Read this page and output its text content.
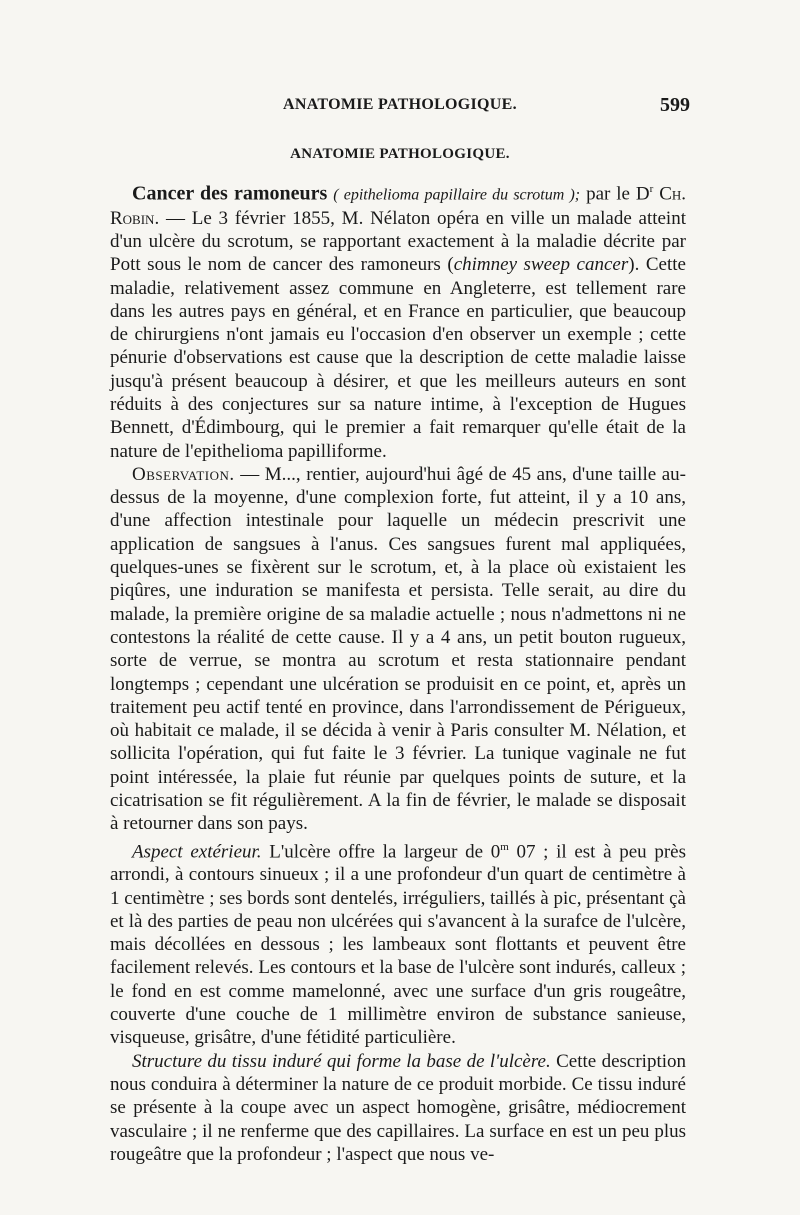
ANATOMIE PATHOLOGIQUE.	599
ANATOMIE PATHOLOGIQUE.

Cancer des ramoneurs ( epithelioma papillaire du scrotum ); par le $D^r$ Ch. Robin. — Le 3 février 1855, M. Nélaton opéra en ville un malade atteint d'un ulcère du scrotum, se rapportant exactement à la maladie décrite par Pott sous le nom de cancer des ramoneurs (chimney sweep cancer). Cette maladie, relativement assez commune en Angleterre, est tellement rare dans les autres pays en général, et en France en particulier, que beaucoup de chirurgiens n'ont jamais eu l'occasion d'en observer un exemple ; cette pénurie d'observations est cause que la description de cette maladie laisse jusqu'à présent beaucoup à désirer, et que les meilleurs auteurs en sont réduits à des conjectures sur sa nature intime, à l'exception de Hugues Bennett, d'Édimbourg, qui le premier a fait remarquer qu'elle était de la nature de l'epithelioma papilliforme.

Observation. — M..., rentier, aujourd'hui âgé de 45 ans, d'une taille au-dessus de la moyenne, d'une complexion forte, fut atteint, il y a 10 ans, d'une affection intestinale pour laquelle un médecin prescrivit une application de sangsues à l'anus. Ces sangsues furent mal appliquées, quelques-unes se fixèrent sur le scrotum, et, à la place où existaient les piqûres, une induration se manifesta et persista. Telle serait, au dire du malade, la première origine de sa maladie actuelle ; nous n'admettons ni ne contestons la réalité de cette cause. Il y a 4 ans, un petit bouton rugueux, sorte de verrue, se montra au scrotum et resta stationnaire pendant longtemps ; cependant une ulcération se produisit en ce point, et, après un traitement peu actif tenté en province, dans l'arrondissement de Périgueux, où habitait ce malade, il se décida à venir à Paris consulter M. Nélation, et sollicita l'opération, qui fut faite le 3 février. La tunique vaginale ne fut point intéressée, la plaie fut réunie par quelques points de suture, et la cicatrisation se fit régulièrement. A la fin de février, le malade se disposait à retourner dans son pays.

Aspect extérieur. L'ulcère offre la largeur de 0$^m$ 07 ; il est à peu près arrondi, à contours sinueux ; il a une profondeur d'un quart de centimètre à 1 centimètre ; ses bords sont dentelés, irréguliers, taillés à pic, présentant çà et là des parties de peau non ulcérées qui s'avancent à la surafce de l'ulcère, mais décollées en dessous ; les lambeaux sont flottants et peuvent être facilement relevés. Les contours et la base de l'ulcère sont indurés, calleux ; le fond en est comme mamelonné, avec une surface d'un gris rougeâtre, couverte d'une couche de 1 millimètre environ de substance sanieuse, visqueuse, grisâtre, d'une fétidité particulière.

Structure du tissu induré qui forme la base de l'ulcère. Cette description nous conduira à déterminer la nature de ce produit morbide. Ce tissu induré se présente à la coupe avec un aspect homogène, grisâtre, médiocrement vasculaire ; il ne renferme que des capillaires. La surface en est un peu plus rougeâtre que la profondeur ; l'aspect que nous ve-
